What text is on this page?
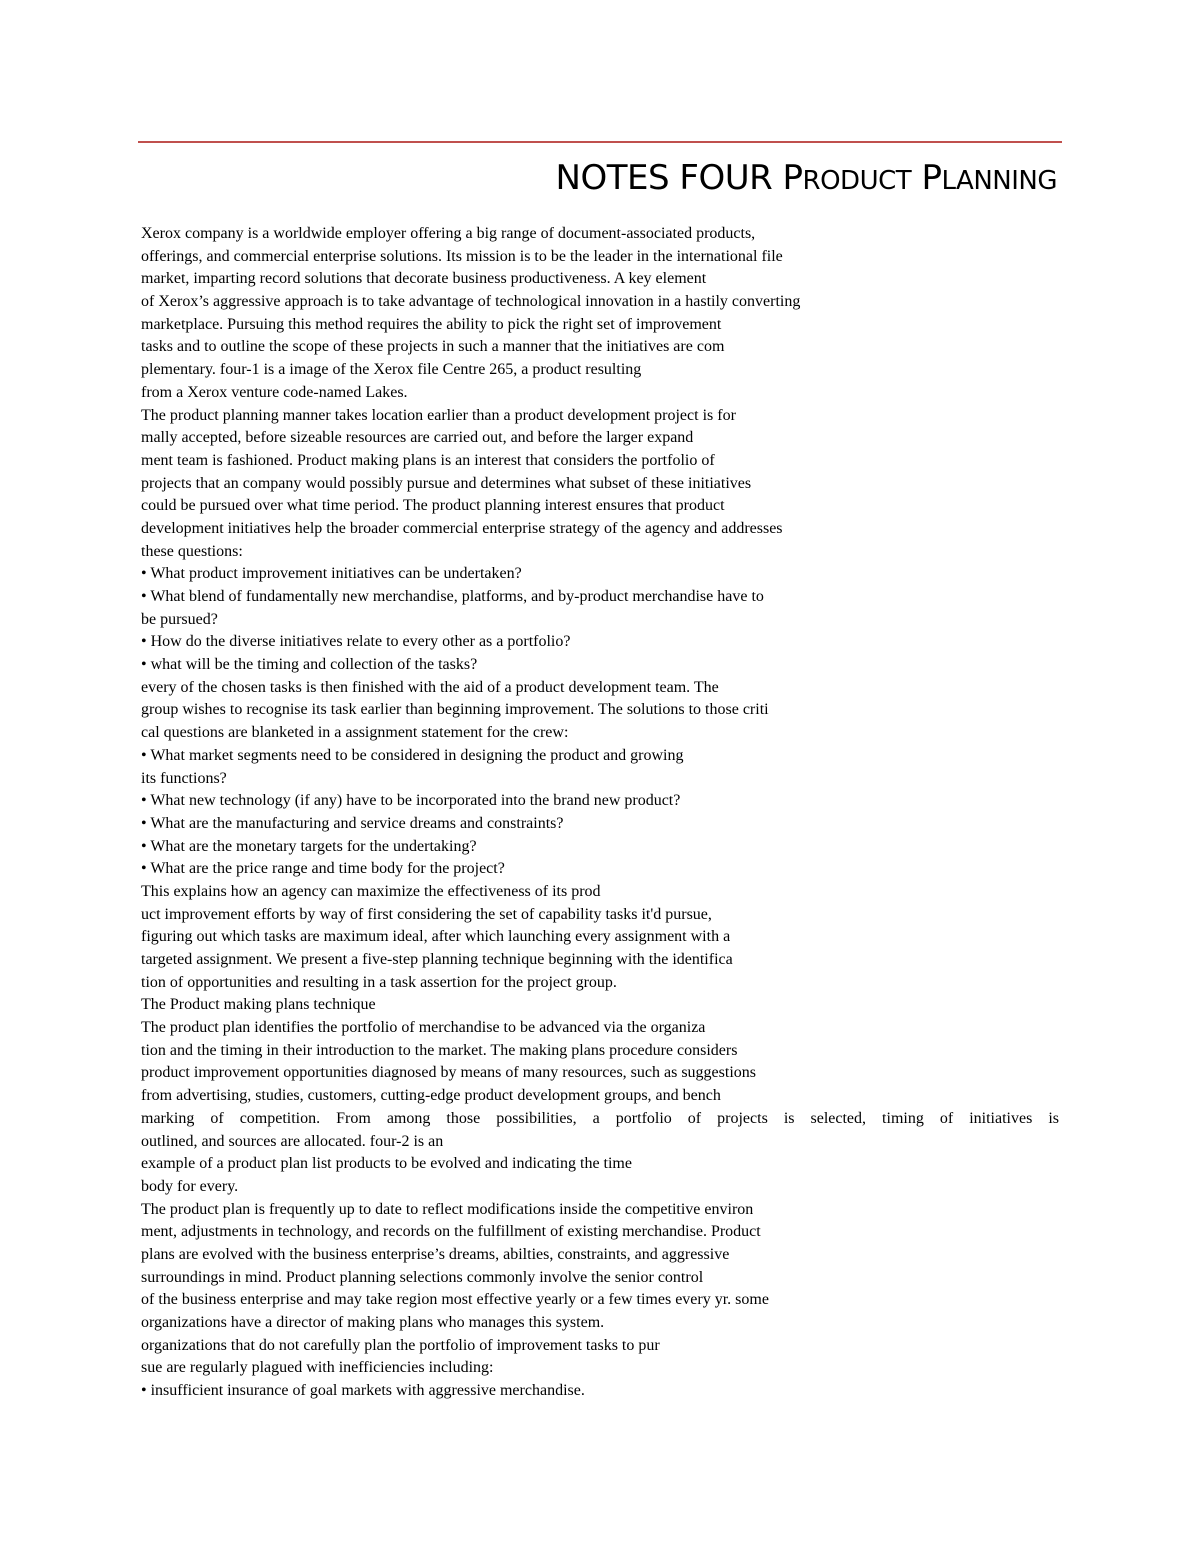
NOTES FOUR PRODUCT PLANNING
Xerox company is a worldwide employer offering a big range of document-associated products,
offerings, and commercial enterprise solutions. Its mission is to be the leader in the international file
market, imparting record solutions that decorate business productiveness. A key element
of Xerox’s aggressive approach is to take advantage of technological innovation in a hastily converting
marketplace. Pursuing this method requires the ability to pick the right set of improvement
tasks and to outline the scope of these projects in such a manner that the initiatives are com
plementary. four-1 is a image of the Xerox file Centre 265, a product resulting
from a Xerox venture code-named Lakes.
The product planning manner takes location earlier than a product development project is for
mally accepted, before sizeable resources are carried out, and before the larger expand
ment team is fashioned. Product making plans is an interest that considers the portfolio of
projects that an company would possibly pursue and determines what subset of these initiatives
could be pursued over what time period. The product planning interest ensures that product
development initiatives help the broader commercial enterprise strategy of the agency and addresses
these questions:
• What product improvement initiatives can be undertaken?
• What blend of fundamentally new merchandise, platforms, and by-product merchandise have to
be pursued?
• How do the diverse initiatives relate to every other as a portfolio?
• what will be the timing and collection of the tasks?
every of the chosen tasks is then finished with the aid of a product development team. The
group wishes to recognise its task earlier than beginning improvement. The solutions to those criti
cal questions are blanketed in a assignment statement for the crew:
• What market segments need to be considered in designing the product and growing
its functions?
• What new technology (if any) have to be incorporated into the brand new product?
• What are the manufacturing and service dreams and constraints?
• What are the monetary targets for the undertaking?
• What are the price range and time body for the project?
This explains how an agency can maximize the effectiveness of its prod
uct improvement efforts by way of first considering the set of capability tasks it'd pursue,
figuring out which tasks are maximum ideal, after which launching every assignment with a
targeted assignment. We present a five-step planning technique beginning with the identifica
tion of opportunities and resulting in a task assertion for the project group.
The Product making plans technique
The product plan identifies the portfolio of merchandise to be advanced via the organiza
tion and the timing in their introduction to the market. The making plans procedure considers
product improvement opportunities diagnosed by means of many resources, such as suggestions
from advertising, studies, customers, cutting-edge product development groups, and bench
marking of competition. From among those possibilities, a portfolio of projects is selected, timing of initiatives is
outlined, and sources are allocated. four-2 is an
example of a product plan list products to be evolved and indicating the time
body for every.
The product plan is frequently up to date to reflect modifications inside the competitive environ
ment, adjustments in technology, and records on the fulfillment of existing merchandise. Product
plans are evolved with the business enterprise’s dreams, abilties, constraints, and aggressive
surroundings in mind. Product planning selections commonly involve the senior control
of the business enterprise and may take region most effective yearly or a few times every yr. some
organizations have a director of making plans who manages this system.
organizations that do not carefully plan the portfolio of improvement tasks to pur
sue are regularly plagued with inefficiencies including:
• insufficient insurance of goal markets with aggressive merchandise.
